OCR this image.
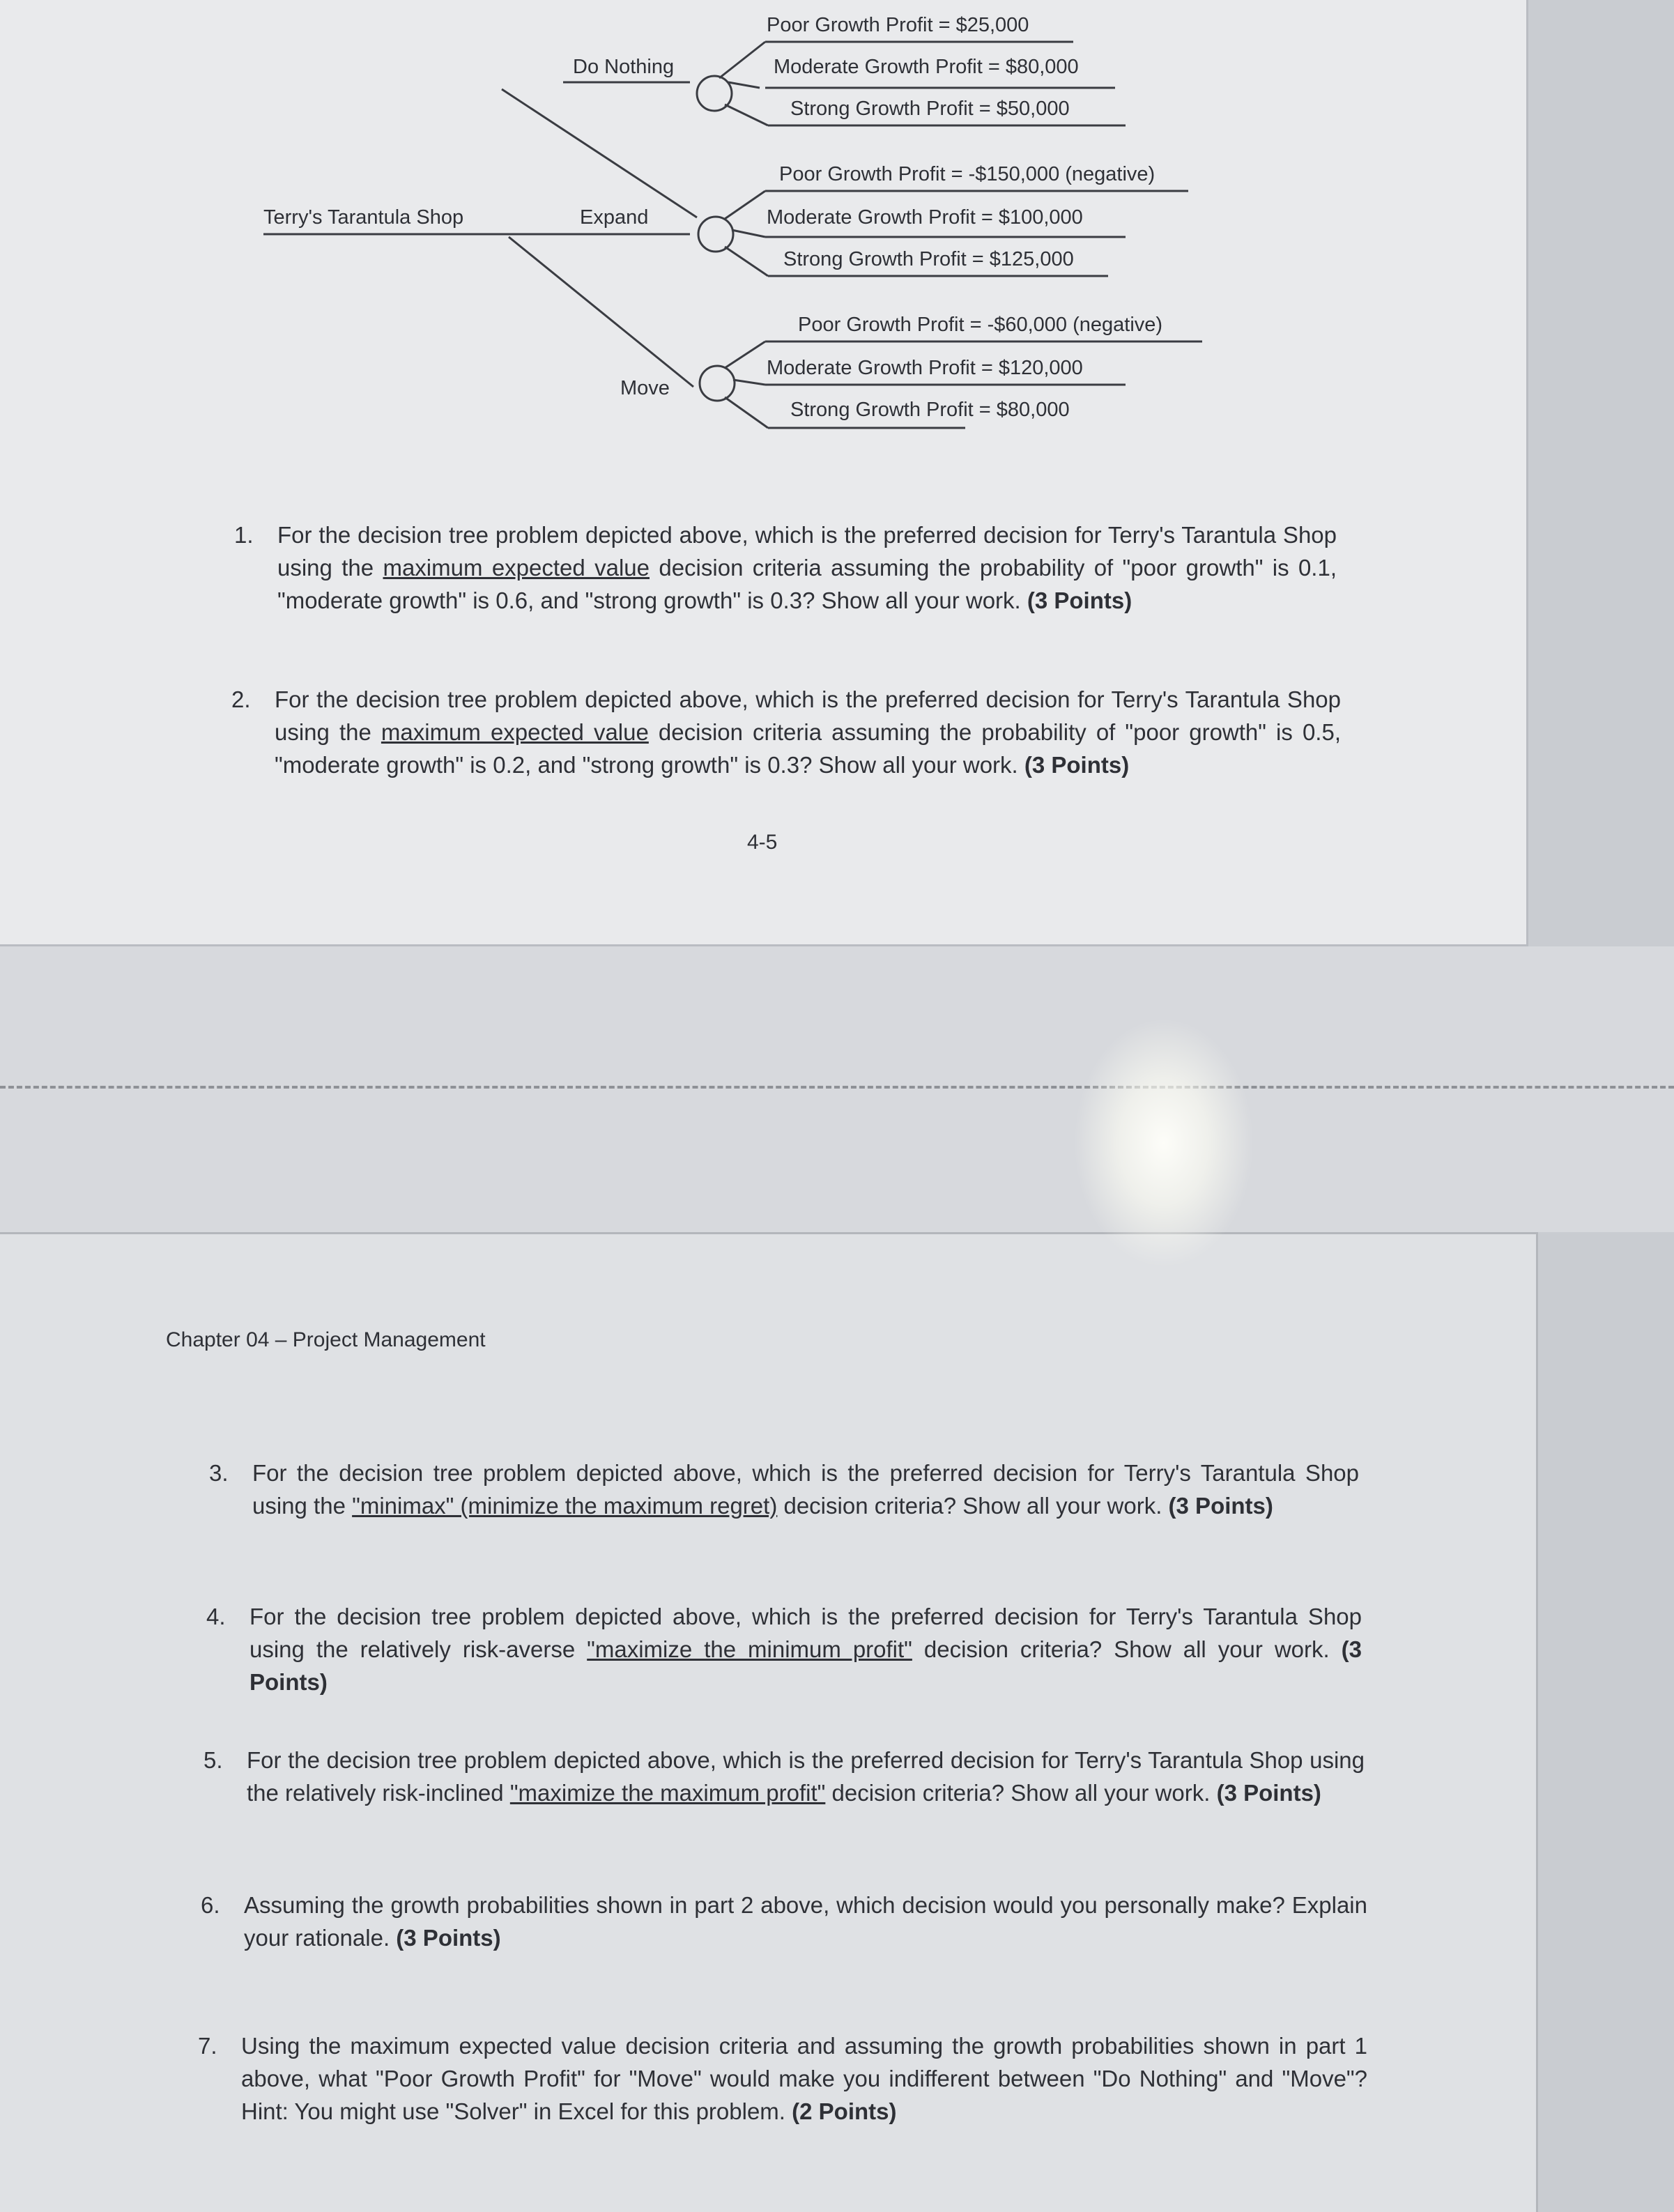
Terry's Tarantula Shop
Do Nothing
Expand
Move
Poor Growth Profit = $25,000
Moderate Growth Profit = $80,000
Strong Growth Profit = $50,000
Poor Growth Profit = -$150,000 (negative)
Moderate Growth Profit = $100,000
Strong Growth Profit = $125,000
Poor Growth Profit = -$60,000 (negative)
Moderate Growth Profit = $120,000
Strong Growth Profit = $80,000
1. For the decision tree problem depicted above, which is the preferred decision for Terry's Tarantula Shop using the maximum expected value decision criteria assuming the probability of "poor growth" is 0.1, "moderate growth" is 0.6, and "strong growth" is 0.3? Show all your work. (3 Points)

2. For the decision tree problem depicted above, which is the preferred decision for Terry's Tarantula Shop using the maximum expected value decision criteria assuming the probability of "poor growth" is 0.5, "moderate growth" is 0.2, and "strong growth" is 0.3? Show all your work. (3 Points)

4-5
Chapter 04 – Project Management
3. For the decision tree problem depicted above, which is the preferred decision for Terry's Tarantula Shop using the "minimax" (minimize the maximum regret) decision criteria? Show all your work. (3 Points)

4. For the decision tree problem depicted above, which is the preferred decision for Terry's Tarantula Shop using the relatively risk-averse "maximize the minimum profit" decision criteria? Show all your work. (3 Points)

5. For the decision tree problem depicted above, which is the preferred decision for Terry's Tarantula Shop using the relatively risk-inclined "maximize the maximum profit" decision criteria? Show all your work. (3 Points)

6. Assuming the growth probabilities shown in part 2 above, which decision would you personally make? Explain your rationale. (3 Points)

7. Using the maximum expected value decision criteria and assuming the growth probabilities shown in part 1 above, what "Poor Growth Profit" for "Move" would make you indifferent between "Do Nothing" and "Move"? Hint: You might use "Solver" in Excel for this problem. (2 Points)
